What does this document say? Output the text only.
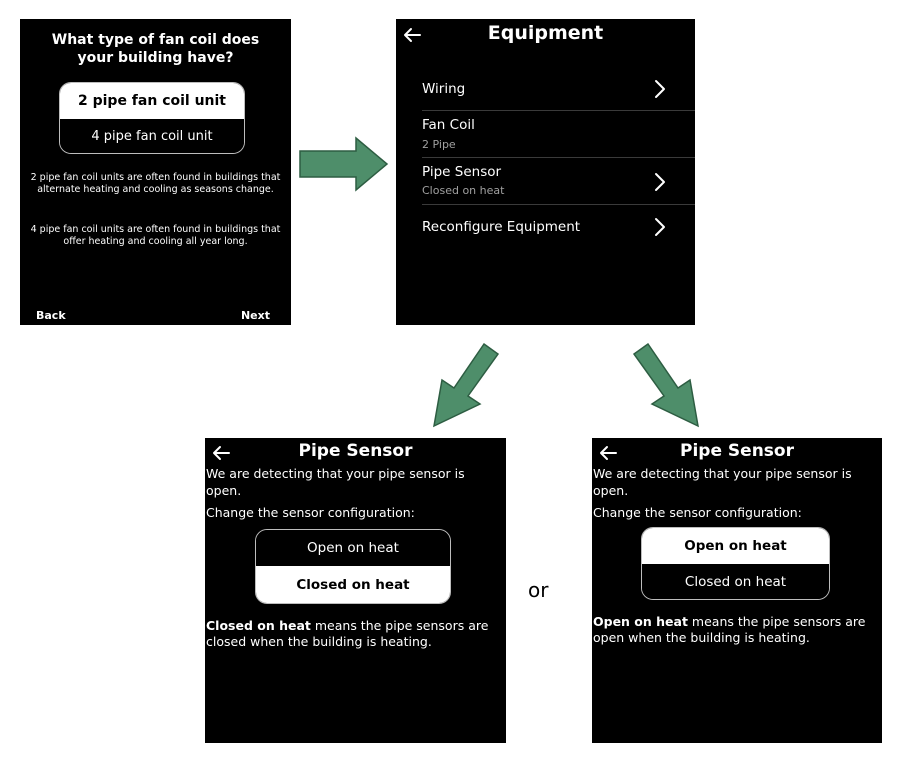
What type of fan coil does your building have?
2 pipe fan coil unit
4 pipe fan coil unit
2 pipe fan coil units are often found in buildings that alternate heating and cooling as seasons change.
4 pipe fan coil units are often found in buildings that offer heating and cooling all year long.
Back	Next
Equipment
Wiring
Fan Coil
2 Pipe
Pipe Sensor
Closed on heat
Reconfigure Equipment
Pipe Sensor
We are detecting that your pipe sensor is open.
Change the sensor configuration:
Open on heat
Closed on heat
Closed on heat means the pipe sensors are closed when the building is heating.
or
Pipe Sensor
We are detecting that your pipe sensor is open.
Change the sensor configuration:
Open on heat
Closed on heat
Open on heat means the pipe sensors are open when the building is heating.
